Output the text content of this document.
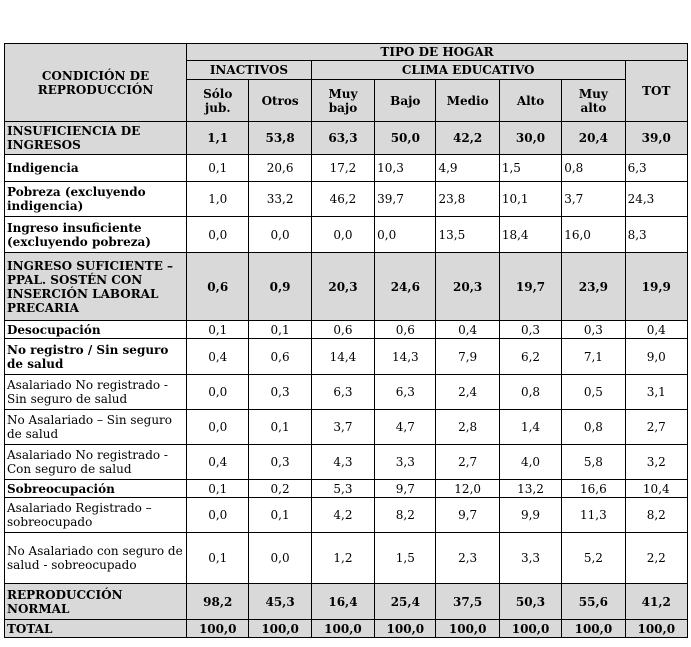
CONDICIÓN DE REPRODUCCIÓN	TIPO DE HOGAR							
	INACTIVOS		CLIMA EDUCATIVO					TOT
	Sólo jub.	Otros	Muy bajo	Bajo	Medio	Alto	Muy alto	
INSUFICIENCIA DE INGRESOS	1,1	53,8	63,3	50,0	42,2	30,0	20,4	39,0
Indigencia	0,1	20,6	17,2	10,3	4,9	1,5	0,8	6,3
Pobreza (excluyendo indigencia)	1,0	33,2	46,2	39,7	23,8	10,1	3,7	24,3
Ingreso insuficiente (excluyendo pobreza)	0,0	0,0	0,0	0,0	13,5	18,4	16,0	8,3
INGRESO SUFICIENTE – PPAL. SOSTÉN CON INSERCIÓN LABORAL PRECARIA	0,6	0,9	20,3	24,6	20,3	19,7	23,9	19,9
Desocupación	0,1	0,1	0,6	0,6	0,4	0,3	0,3	0,4
No registro / Sin seguro de salud	0,4	0,6	14,4	14,3	7,9	6,2	7,1	9,0
Asalariado No registrado - Sin seguro de salud	0,0	0,3	6,3	6,3	2,4	0,8	0,5	3,1
No Asalariado – Sin seguro de salud	0,0	0,1	3,7	4,7	2,8	1,4	0,8	2,7
Asalariado No registrado - Con seguro de salud	0,4	0,3	4,3	3,3	2,7	4,0	5,8	3,2
Sobreocupación	0,1	0,2	5,3	9,7	12,0	13,2	16,6	10,4
Asalariado Registrado – sobreocupado	0,0	0,1	4,2	8,2	9,7	9,9	11,3	8,2
No Asalariado con seguro de salud - sobreocupado	0,1	0,0	1,2	1,5	2,3	3,3	5,2	2,2
REPRODUCCIÓN NORMAL	98,2	45,3	16,4	25,4	37,5	50,3	55,6	41,2
TOTAL	100,0	100,0	100,0	100,0	100,0	100,0	100,0	100,0
